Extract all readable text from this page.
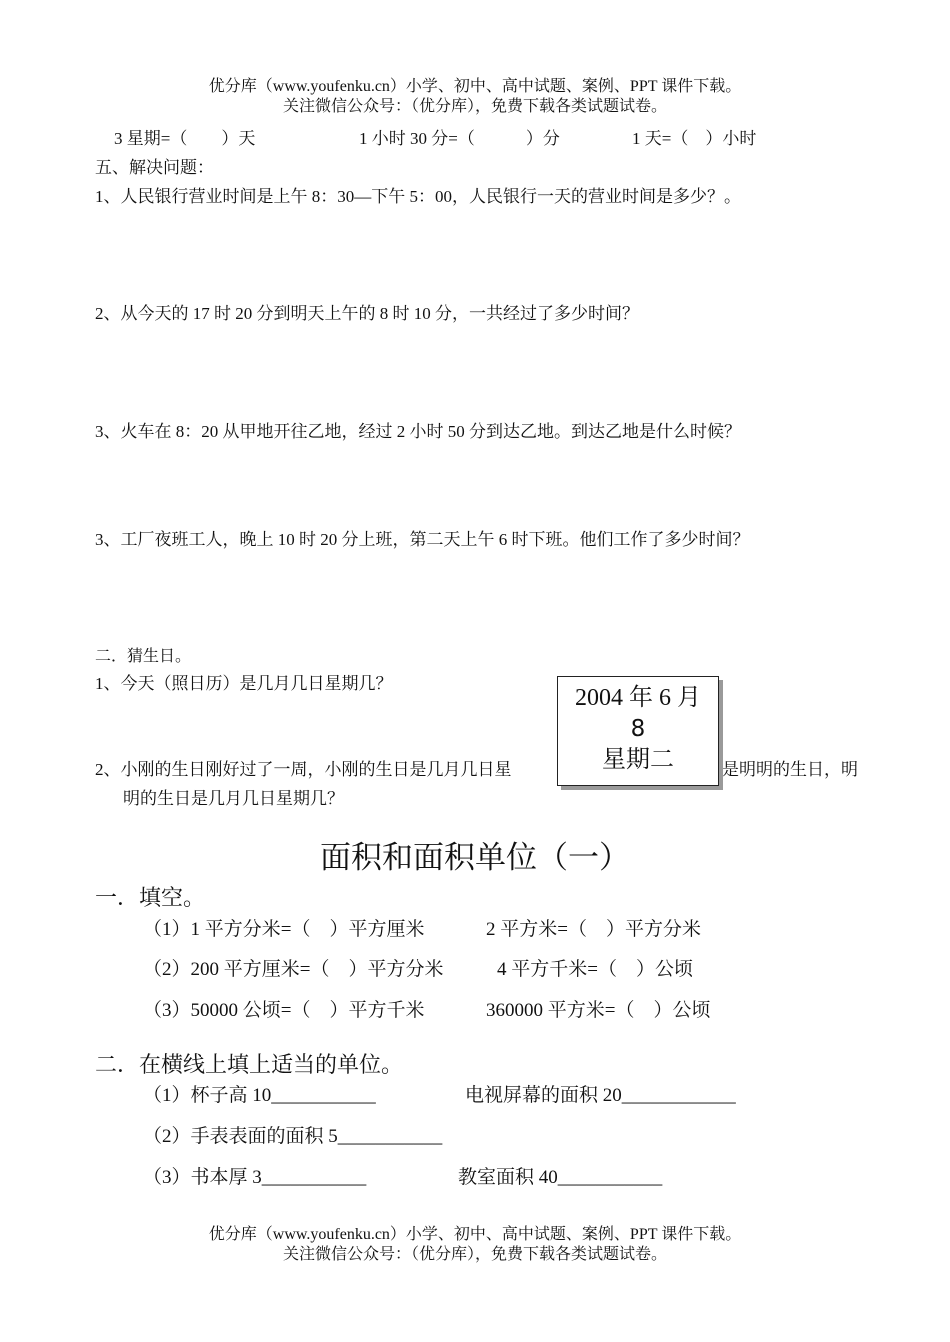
优分库（www.youfenku.cn）小学、初中、高中试题、案例、PPT 课件下载。
关注微信公众号：（优分库），免费下载各类试题试卷。
3 星期=（　　）天	1 小时 30 分=（　　　）分	1 天=（　）小时
五、解决问题：
1、人民银行营业时间是上午 8：30—下午 5：00，人民银行一天的营业时间是多少？。
2、从今天的 17 时 20 分到明天上午的 8 时 10 分，一共经过了多少时间？
3、火车在 8：20 从甲地开往乙地，经过 2 小时 50 分到达乙地。到达乙地是什么时候？
3、工厂夜班工人，晚上 10 时 20 分上班，第二天上午 6 时下班。他们工作了多少时间？
二．猜生日。
1、今天（照日历）是几月几日星期几？
2、小刚的生日刚好过了一周，小刚的生日是几月几日星	是明明的生日，明
明的生日是几月几日星期几？
2004 年 6 月
8
星期二
面积和面积单位（一）
一．填空。
（1）1 平方分米=（　）平方厘米	2 平方米=（　）平方分米
（2）200 平方厘米=（　）平方分米	4 平方千米=（　）公顷
（3）50000 公顷=（　）平方千米	360000 平方米=（　）公顷
二．在横线上填上适当的单位。
（1）杯子高 10___________	电视屏幕的面积 20____________
（2）手表表面的面积 5___________
（3）书本厚 3___________	教室面积 40___________
优分库（www.youfenku.cn）小学、初中、高中试题、案例、PPT 课件下载。
关注微信公众号：（优分库），免费下载各类试题试卷。
